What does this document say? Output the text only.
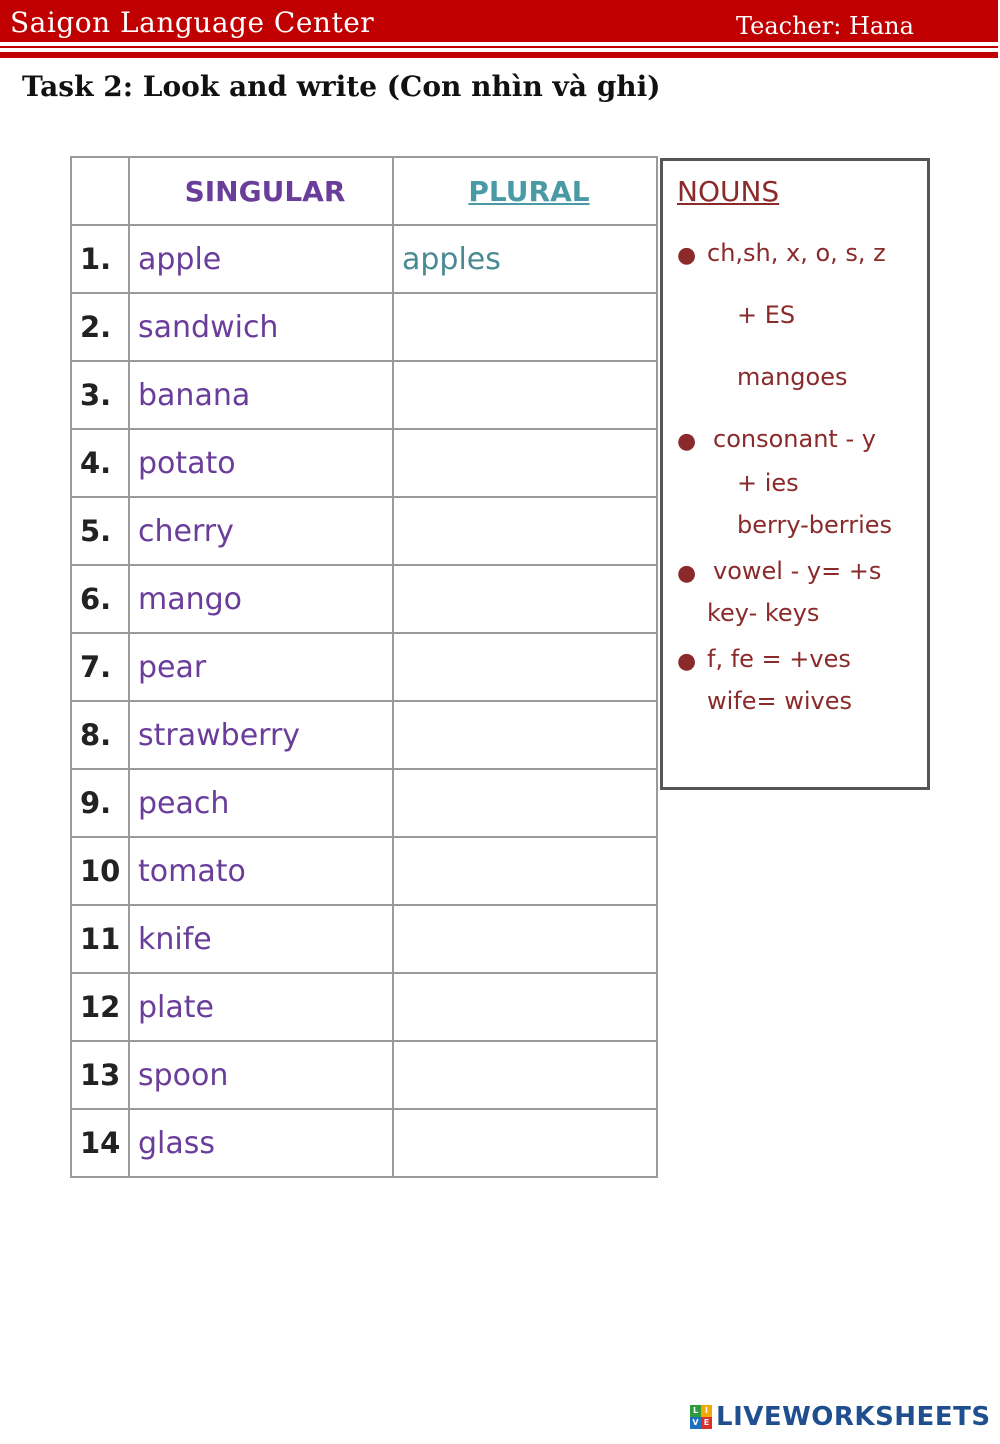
Saigon Language Center	Teacher: Hana
Task 2: Look and write (Con nhìn và ghi)
	SINGULAR	PLURAL
1.	apple	apples
2.	sandwich	
3.	banana	
4.	potato	
5.	cherry	
6.	mango	
7.	pear	
8.	strawberry	
9.	peach	
10	tomato	
11	knife	
12	plate	
13	spoon	
14	glass	
NOUNS
● ch,sh, x, o, s, z
+ ES
mangoes
● consonant - y
+ ies
berry-berries
● vowel - y= +s
key- keys
● f, fe = +ves
wife= wives
L I
V E LIVEWORKSHEETS
